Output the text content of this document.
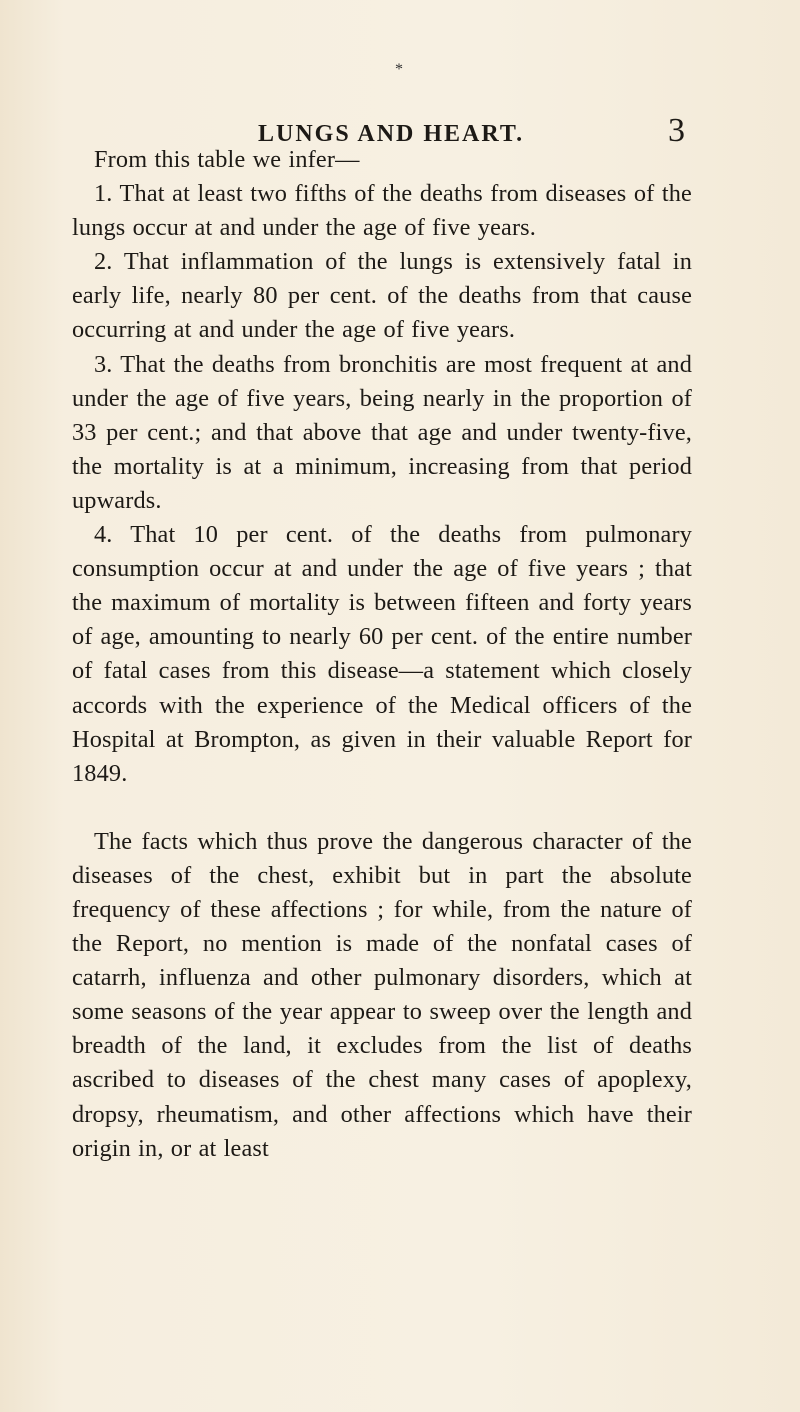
*
LUNGS AND HEART.	3

From this table we infer—

1. That at least two fifths of the deaths from diseases of the lungs occur at and under the age of five years.

2. That inflammation of the lungs is extensively fatal in early life, nearly 80 per cent. of the deaths from that cause occurring at and under the age of five years.

3. That the deaths from bronchitis are most frequent at and under the age of five years, being nearly in the proportion of 33 per cent.; and that above that age and under twenty-five, the mortality is at a minimum, increasing from that period upwards.

4. That 10 per cent. of the deaths from pulmonary consumption occur at and under the age of five years ; that the maximum of mortality is between fifteen and forty years of age, amounting to nearly 60 per cent. of the entire number of fatal cases from this disease—a statement which closely accords with the experience of the Medical officers of the Hospital at Brompton, as given in their valuable Report for 1849.

The facts which thus prove the dangerous character of the diseases of the chest, exhibit but in part the absolute frequency of these affections ; for while, from the nature of the Report, no mention is made of the nonfatal cases of catarrh, influenza and other pulmonary disorders, which at some seasons of the year appear to sweep over the length and breadth of the land, it excludes from the list of deaths ascribed to diseases of the chest many cases of apoplexy, dropsy, rheumatism, and other affections which have their origin in, or at least
